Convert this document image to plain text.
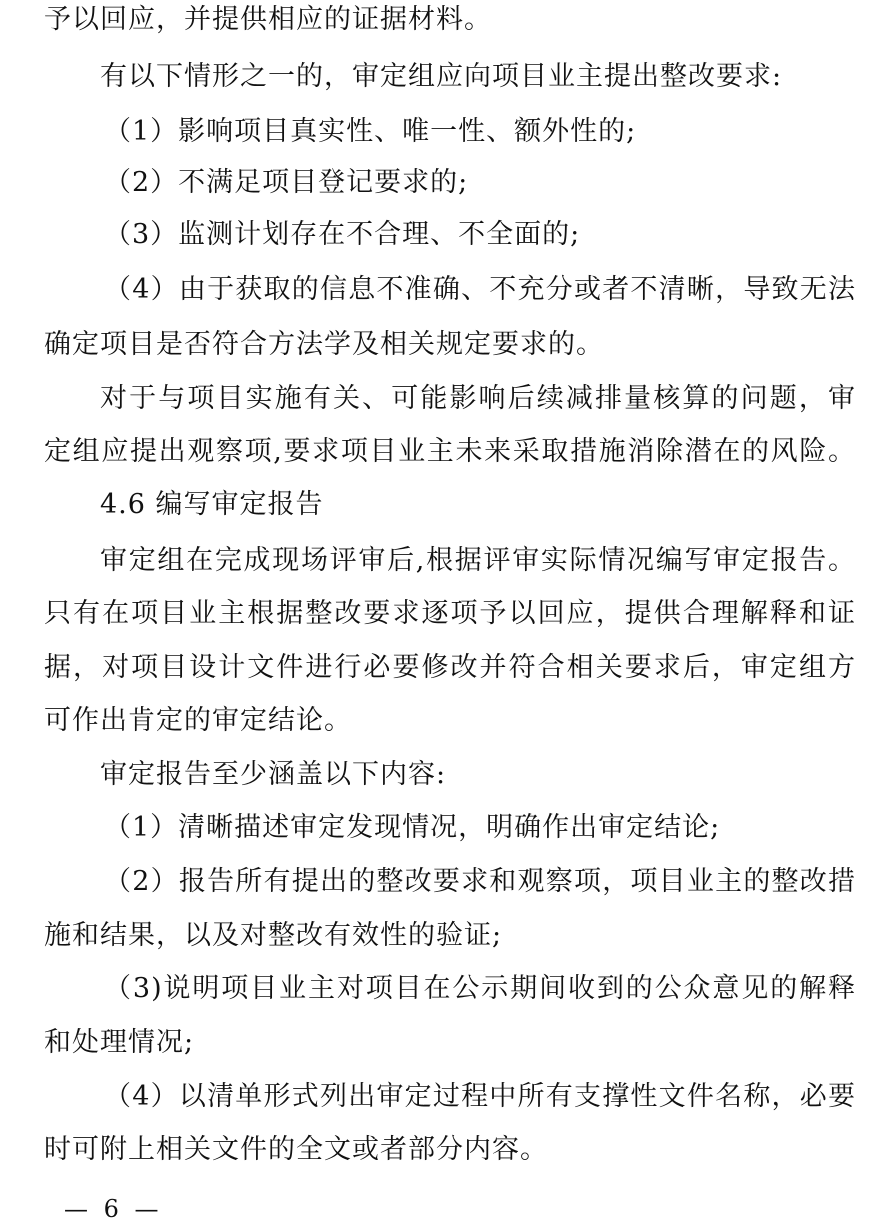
予以回应，并提供相应的证据材料。
有以下情形之一的，审定组应向项目业主提出整改要求:
（1）影响项目真实性、唯一性、额外性的;
（2）不满足项目登记要求的;
（3）监测计划存在不合理、不全面的;
（4）由于获取的信息不准确、不充分或者不清晰，导致无法
确定项目是否符合方法学及相关规定要求的。
对于与项目实施有关、可能影响后续减排量核算的问题，审
定组应提出观察项,要求项目业主未来采取措施消除潜在的风险。
4.6 编写审定报告
审定组在完成现场评审后,根据评审实际情况编写审定报告。
只有在项目业主根据整改要求逐项予以回应，提供合理解释和证
据，对项目设计文件进行必要修改并符合相关要求后，审定组方
可作出肯定的审定结论。
审定报告至少涵盖以下内容:
（1）清晰描述审定发现情况，明确作出审定结论;
（2）报告所有提出的整改要求和观察项，项目业主的整改措
施和结果，以及对整改有效性的验证;
（3)说明项目业主对项目在公示期间收到的公众意见的解释
和处理情况;
（4）以清单形式列出审定过程中所有支撑性文件名称，必要
时可附上相关文件的全文或者部分内容。
— 6 —
